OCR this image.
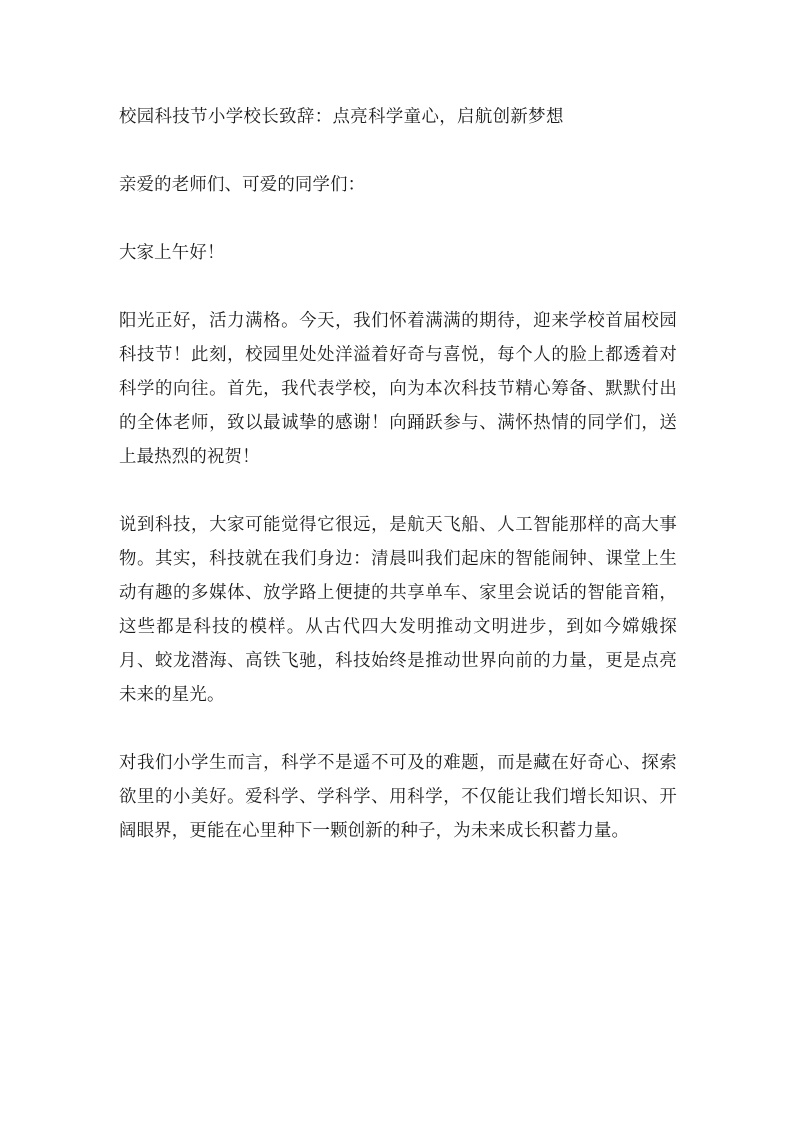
校园科技节小学校长致辞：点亮科学童心，启航创新梦想

亲爱的老师们、可爱的同学们：

大家上午好！

阳光正好，活力满格。今天，我们怀着满满的期待，迎来学校首届校园科技节！此刻，校园里处处洋溢着好奇与喜悦，每个人的脸上都透着对科学的向往。首先，我代表学校，向为本次科技节精心筹备、默默付出的全体老师，致以最诚挚的感谢！向踊跃参与、满怀热情的同学们，送上最热烈的祝贺！

说到科技，大家可能觉得它很远，是航天飞船、人工智能那样的高大事物。其实，科技就在我们身边：清晨叫我们起床的智能闹钟、课堂上生动有趣的多媒体、放学路上便捷的共享单车、家里会说话的智能音箱，这些都是科技的模样。从古代四大发明推动文明进步，到如今嫦娥探月、蛟龙潜海、高铁飞驰，科技始终是推动世界向前的力量，更是点亮未来的星光。

对我们小学生而言，科学不是遥不可及的难题，而是藏在好奇心、探索欲里的小美好。爱科学、学科学、用科学，不仅能让我们增长知识、开阔眼界，更能在心里种下一颗创新的种子，为未来成长积蓄力量。
